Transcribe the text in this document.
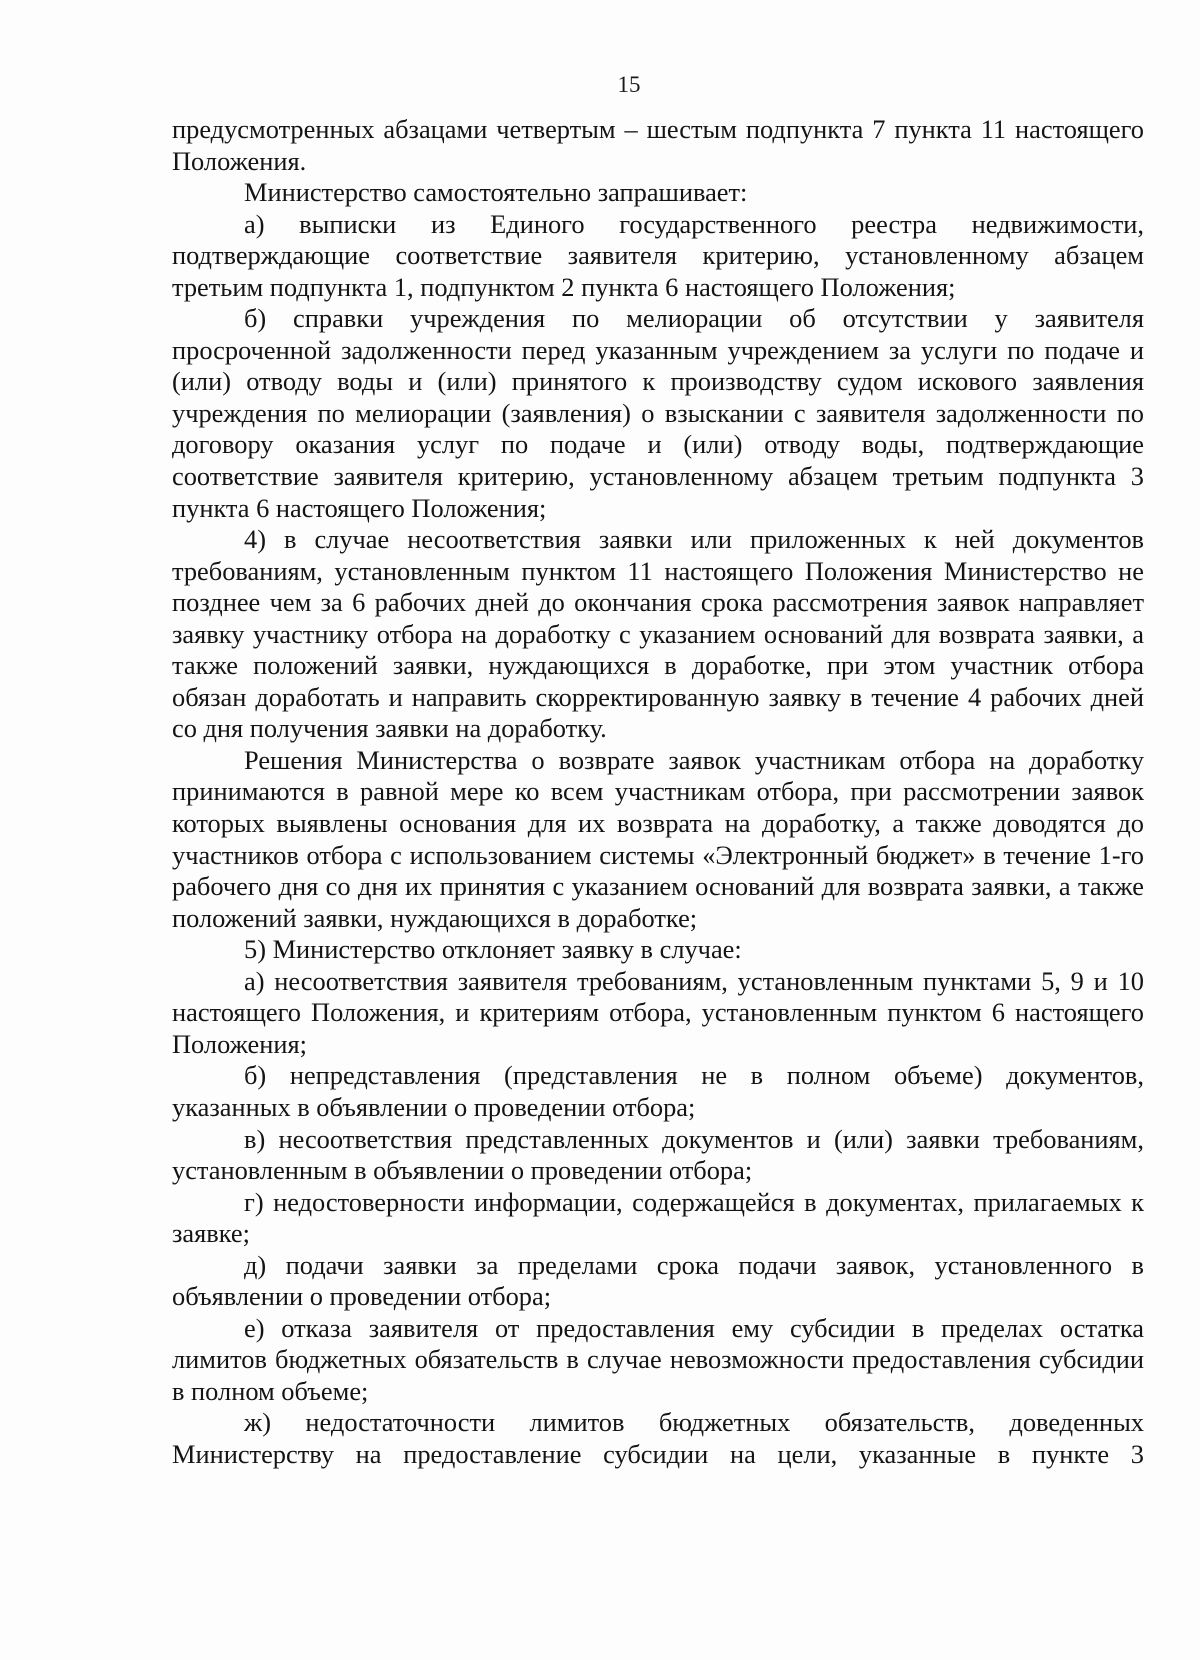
15

предусмотренных абзацами четвертым – шестым подпункта 7 пункта 11 настоящего Положения.

Министерство самостоятельно запрашивает:

а) выписки из Единого государственного реестра недвижимости, подтверждающие соответствие заявителя критерию, установленному абзацем третьим подпункта 1, подпунктом 2 пункта 6 настоящего Положения;

б) справки учреждения по мелиорации об отсутствии у заявителя просроченной задолженности перед указанным учреждением за услуги по подаче и (или) отводу воды и (или) принятого к производству судом искового заявления учреждения по мелиорации (заявления) о взыскании с заявителя задолженности по договору оказания услуг по подаче и (или) отводу воды, подтверждающие соответствие заявителя критерию, установленному абзацем третьим подпункта 3 пункта 6 настоящего Положения;

4) в случае несоответствия заявки или приложенных к ней документов требованиям, установленным пунктом 11 настоящего Положения Министерство не позднее чем за 6 рабочих дней до окончания срока рассмотрения заявок направляет заявку участнику отбора на доработку с указанием оснований для возврата заявки, а также положений заявки, нуждающихся в доработке, при этом участник отбора обязан доработать и направить скорректированную заявку в течение 4 рабочих дней со дня получения заявки на доработку.

Решения Министерства о возврате заявок участникам отбора на доработку принимаются в равной мере ко всем участникам отбора, при рассмотрении заявок которых выявлены основания для их возврата на доработку, а также доводятся до участников отбора с использованием системы «Электронный бюджет» в течение 1-го рабочего дня со дня их принятия с указанием оснований для возврата заявки, а также положений заявки, нуждающихся в доработке;

5) Министерство отклоняет заявку в случае:

а) несоответствия заявителя требованиям, установленным пунктами 5, 9 и 10 настоящего Положения, и критериям отбора, установленным пунктом 6 настоящего Положения;

б) непредставления (представления не в полном объеме) документов, указанных в объявлении о проведении отбора;

в) несоответствия представленных документов и (или) заявки требованиям, установленным в объявлении о проведении отбора;

г) недостоверности информации, содержащейся в документах, прилагаемых к заявке;

д) подачи заявки за пределами срока подачи заявок, установленного в объявлении о проведении отбора;

е) отказа заявителя от предоставления ему субсидии в пределах остатка лимитов бюджетных обязательств в случае невозможности предоставления субсидии в полном объеме;

ж) недостаточности лимитов бюджетных обязательств, доведенных Министерству на предоставление субсидии на цели, указанные в пункте 3
